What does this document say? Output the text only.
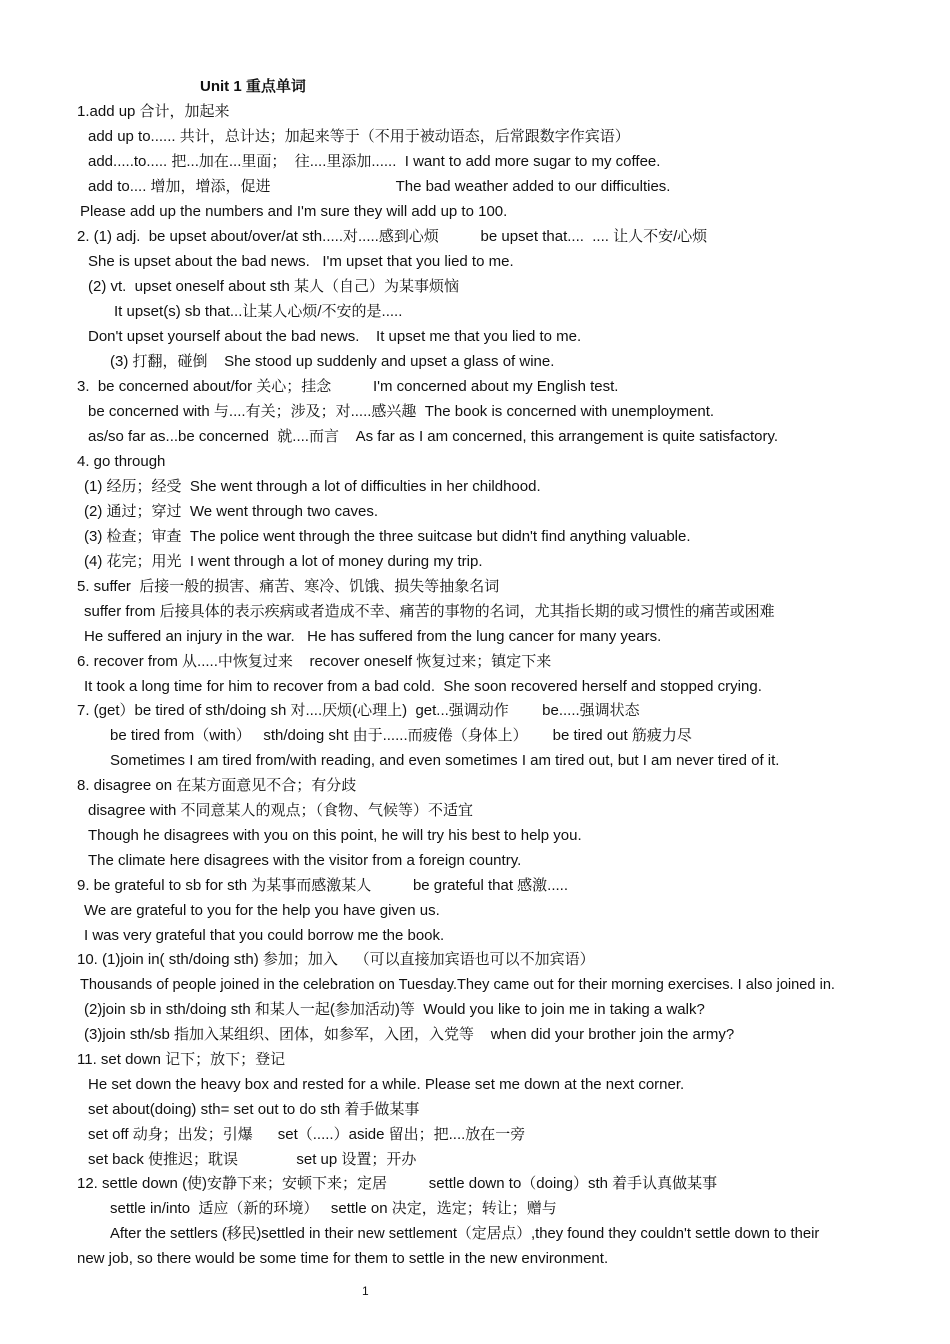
Unit 1 重点单词
1.add up 合计，加起来
add up to...... 共计，总计达；加起来等于（不用于被动语态，后常跟数字作宾语）
add.....to..... 把...加在...里面；  往....里添加......  I want to add more sugar to my coffee.
add to.... 增加，增添，促进                              The bad weather added to our difficulties.
Please add up the numbers and I'm sure they will add up to 100.
2. (1) adj.  be upset about/over/at sth.....对.....感到心烦          be upset that....  .... 让人不安/心烦
She is upset about the bad news.   I'm upset that you lied to me.
(2) vt.  upset oneself about sth 某人（自己）为某事烦恼
It upset(s) sb that...让某人心烦/不安的是.....
Don't upset yourself about the bad news.    It upset me that you lied to me.
(3) 打翻，碰倒    She stood up suddenly and upset a glass of wine.
3.  be concerned about/for 关心；挂念          I'm concerned about my English test.
be concerned with 与....有关；涉及；对.....感兴趣  The book is concerned with unemployment.
as/so far as...be concerned  就....而言    As far as I am concerned, this arrangement is quite satisfactory.
4. go through
(1) 经历；经受  She went through a lot of difficulties in her childhood.
(2) 通过；穿过  We went through two caves.
(3) 检查；审查  The police went through the three suitcase but didn't find anything valuable.
(4) 花完；用光  I went through a lot of money during my trip.
5. suffer  后接一般的损害、痛苦、寒冷、饥饿、损失等抽象名词
suffer from 后接具体的表示疾病或者造成不幸、痛苦的事物的名词，尤其指长期的或习惯性的痛苦或困难
He suffered an injury in the war.   He has suffered from the lung cancer for many years.
6. recover from 从.....中恢复过来    recover oneself 恢复过来；镇定下来
It took a long time for him to recover from a bad cold.  She soon recovered herself and stopped crying.
7. (get）be tired of sth/doing sh 对....厌烦(心理上)  get...强调动作        be.....强调状态
be tired from（with）   sth/doing sht 由于......而疲倦（身体上）      be tired out 筋疲力尽
Sometimes I am tired from/with reading, and even sometimes I am tired out, but I am never tired of it.
8. disagree on 在某方面意见不合；有分歧
disagree with 不同意某人的观点；（食物、气候等）不适宜
Though he disagrees with you on this point, he will try his best to help you.
The climate here disagrees with the visitor from a foreign country.
9. be grateful to sb for sth 为某事而感激某人          be grateful that 感激.....
We are grateful to you for the help you have given us.
I was very grateful that you could borrow me the book.
10. (1)join in( sth/doing sth) 参加；加入    （可以直接加宾语也可以不加宾语）
Thousands of people joined in the celebration on Tuesday.They came out for their morning exercises. I also joined in.
(2)join sb in sth/doing sth 和某人一起(参加活动)等  Would you like to join me in taking a walk?
(3)join sth/sb 指加入某组织、团体，如参军，入团，入党等    when did your brother join the army?
11. set down 记下；放下；登记
He set down the heavy box and rested for a while. Please set me down at the next corner.
set about(doing) sth= set out to do sth 着手做某事
set off 动身；出发；引爆      set（.....）aside 留出；把....放在一旁
set back 使推迟；耽误              set up 设置；开办
12. settle down (使)安静下来；安顿下来；定居          settle down to（doing）sth 着手认真做某事
settle in/into  适应（新的环境）   settle on 决定，选定；转让；赠与
After the settlers (移民)settled in their new settlement（定居点）,they found they couldn't settle down to their
new job, so there would be some time for them to settle in the new environment.
1
